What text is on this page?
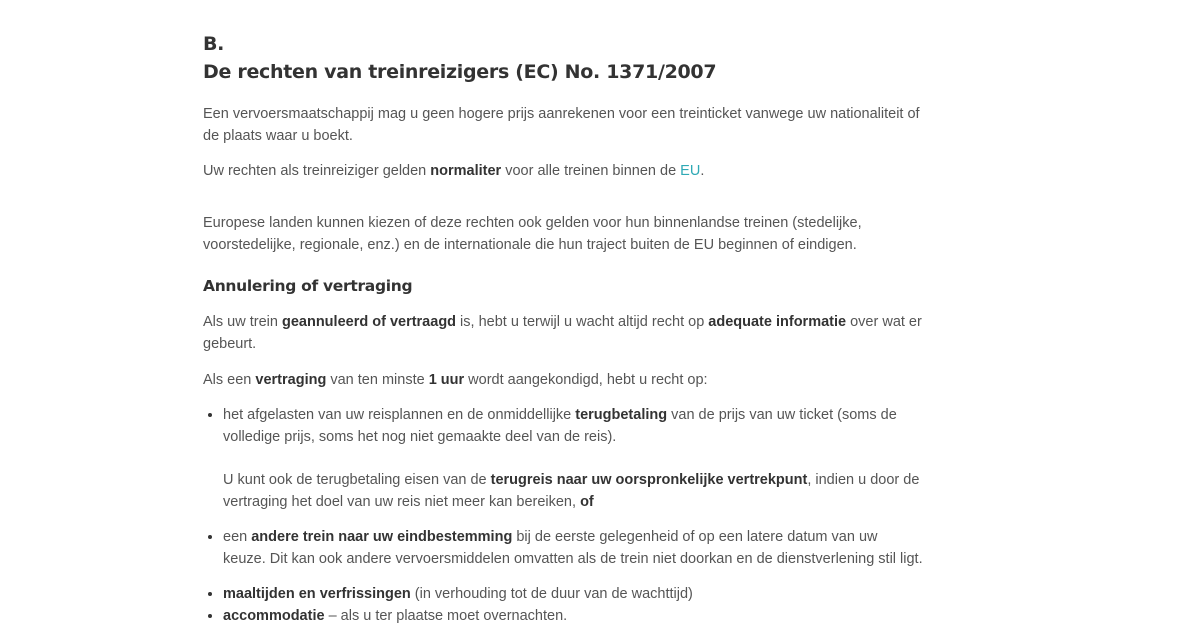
B.
De rechten van treinreizigers (EC) No. 1371/2007

Een vervoersmaatschappij mag u geen hogere prijs aanrekenen voor een treinticket vanwege uw nationaliteit of de plaats waar u boekt.

Uw rechten als treinreiziger gelden normaliter voor alle treinen binnen de EU.

Europese landen kunnen kiezen of deze rechten ook gelden voor hun binnenlandse treinen (stedelijke, voorstedelijke, regionale, enz.) en de internationale die hun traject buiten de EU beginnen of eindigen.

Annulering of vertraging

Als uw trein geannuleerd of vertraagd is, hebt u terwijl u wacht altijd recht op adequate informatie over wat er gebeurt.

Als een vertraging van ten minste 1 uur wordt aangekondigd, hebt u recht op:

• het afgelasten van uw reisplannen en de onmiddellijke terugbetaling van de prijs van uw ticket (soms de volledige prijs, soms het nog niet gemaakte deel van de reis).
U kunt ook de terugbetaling eisen van de terugreis naar uw oorspronkelijke vertrekpunt, indien u door de vertraging het doel van uw reis niet meer kan bereiken, of
• een andere trein naar uw eindbestemming bij de eerste gelegenheid of op een latere datum van uw keuze. Dit kan ook andere vervoersmiddelen omvatten als de trein niet doorkan en de dienstverlening stil ligt.
• maaltijden en verfrissingen (in verhouding tot de duur van de wachttijd)
• accommodatie – als u ter plaatse moet overnachten.
